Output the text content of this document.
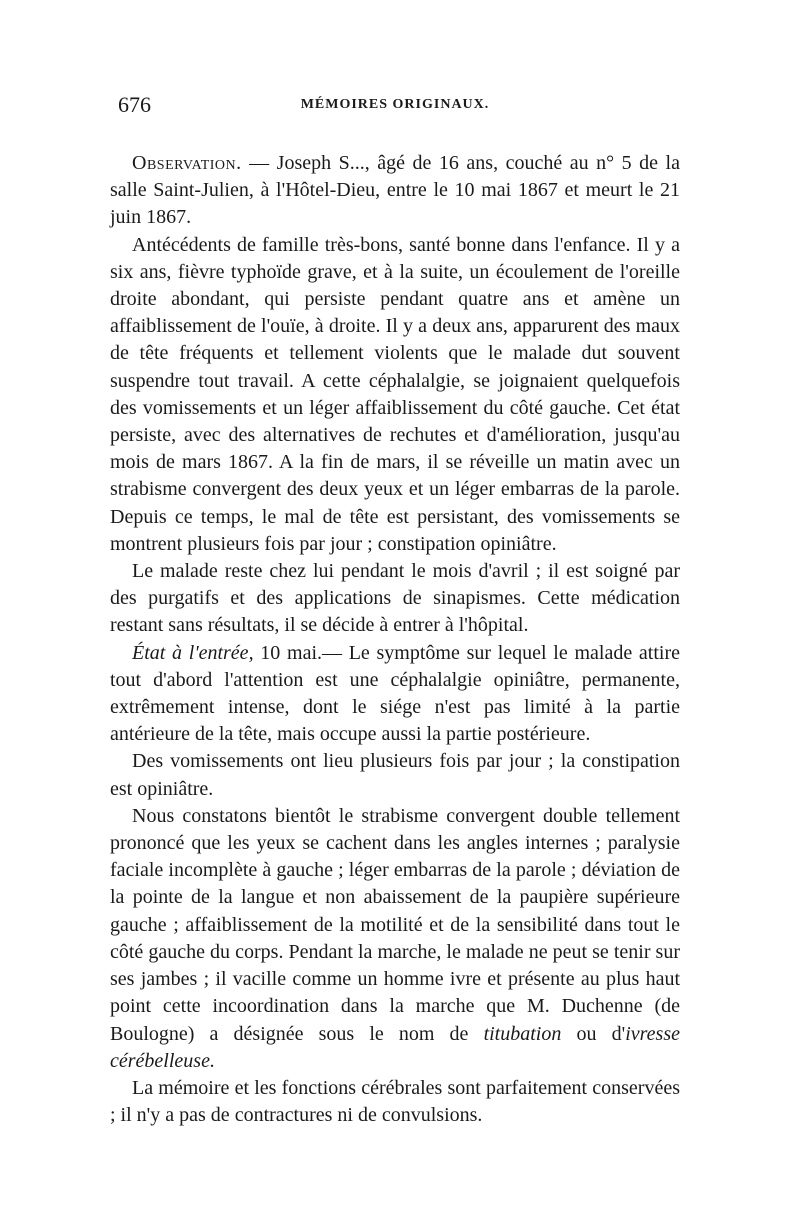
676	MÉMOIRES ORIGINAUX.

Observation. — Joseph S..., âgé de 16 ans, couché au n° 5 de la salle Saint-Julien, à l'Hôtel-Dieu, entre le 10 mai 1867 et meurt le 21 juin 1867.

Antécédents de famille très-bons, santé bonne dans l'enfance. Il y a six ans, fièvre typhoïde grave, et à la suite, un écoulement de l'oreille droite abondant, qui persiste pendant quatre ans et amène un affaiblissement de l'ouïe, à droite. Il y a deux ans, apparurent des maux de tête fréquents et tellement violents que le malade dut souvent suspendre tout travail. A cette céphalalgie, se joignaient quelquefois des vomissements et un léger affaiblissement du côté gauche. Cet état persiste, avec des alternatives de rechutes et d'amélioration, jusqu'au mois de mars 1867. A la fin de mars, il se réveille un matin avec un strabisme convergent des deux yeux et un léger embarras de la parole. Depuis ce temps, le mal de tête est persistant, des vomissements se montrent plusieurs fois par jour ; constipation opiniâtre.

Le malade reste chez lui pendant le mois d'avril ; il est soigné par des purgatifs et des applications de sinapismes. Cette médication restant sans résultats, il se décide à entrer à l'hôpital.

État à l'entrée, 10 mai.— Le symptôme sur lequel le malade attire tout d'abord l'attention est une céphalalgie opiniâtre, permanente, extrêmement intense, dont le siége n'est pas limité à la partie antérieure de la tête, mais occupe aussi la partie postérieure.

Des vomissements ont lieu plusieurs fois par jour ; la constipation est opiniâtre.

Nous constatons bientôt le strabisme convergent double tellement prononcé que les yeux se cachent dans les angles internes ; paralysie faciale incomplète à gauche ; léger embarras de la parole ; déviation de la pointe de la langue et non abaissement de la paupière supérieure gauche ; affaiblissement de la motilité et de la sensibilité dans tout le côté gauche du corps. Pendant la marche, le malade ne peut se tenir sur ses jambes ; il vacille comme un homme ivre et présente au plus haut point cette incoordination dans la marche que M. Duchenne (de Boulogne) a désignée sous le nom de titubation ou d'ivresse cérébelleuse.

La mémoire et les fonctions cérébrales sont parfaitement conservées ; il n'y a pas de contractures ni de convulsions.
